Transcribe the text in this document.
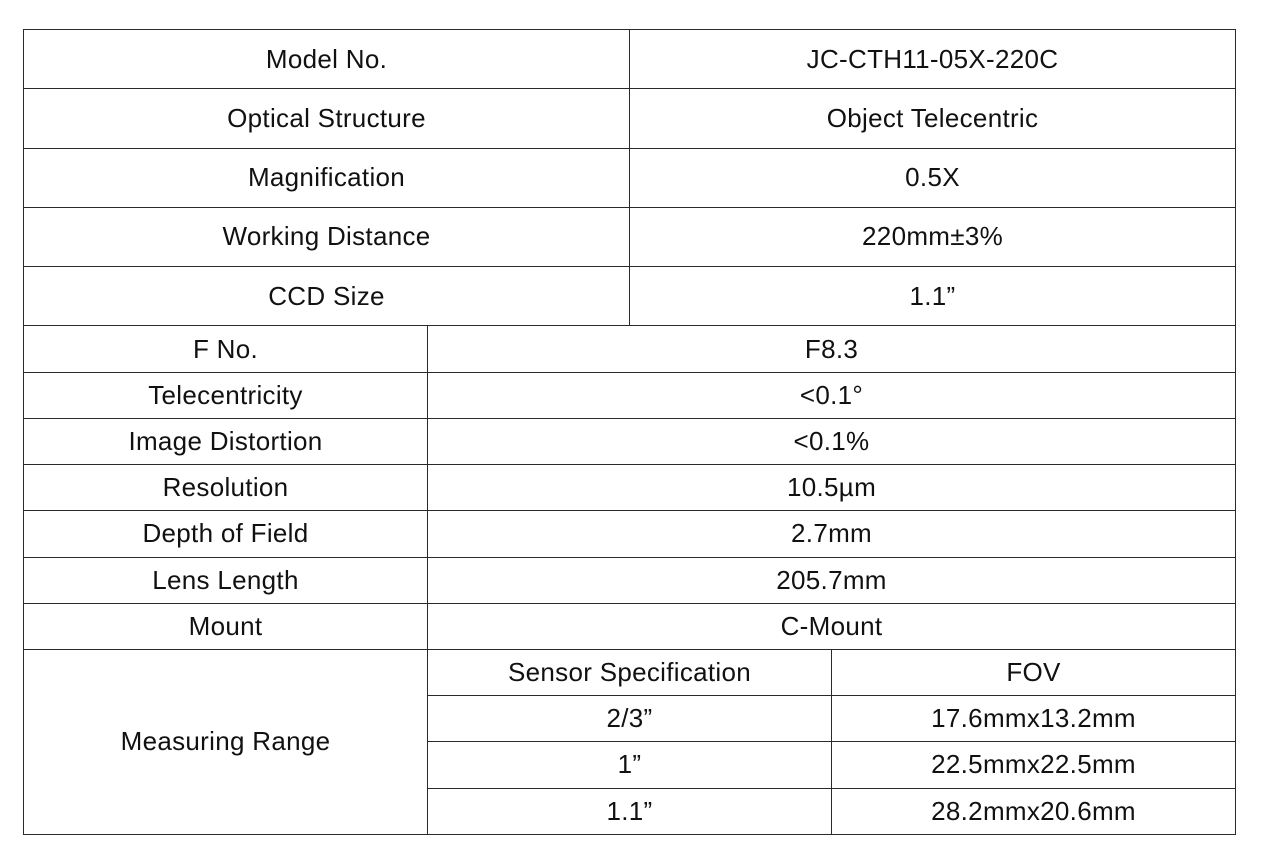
Model No.		JC-CTH11-05X-220C	
Optical Structure		Object Telecentric	
Magnification		0.5X	
Working Distance		220mm±3%	
CCD Size		1.1”	
F No.	F8.3		
Telecentricity	<0.1°		
Image Distortion	<0.1%		
Resolution	10.5µm		
Depth of Field	2.7mm		
Lens Length	205.7mm		
Mount	C-Mount		
Measuring Range	Sensor Specification		FOV
	2/3”		17.6mmx13.2mm
	1”		22.5mmx22.5mm
	1.1”		28.2mmx20.6mm
